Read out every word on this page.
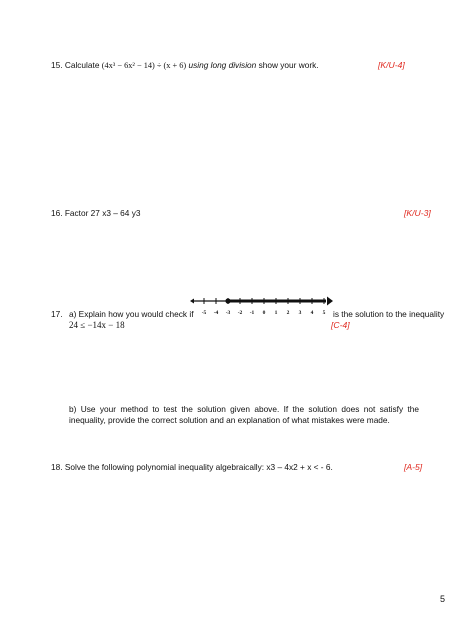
15. Calculate (4x³ − 6x² − 14) ÷ (x + 6) using long division show your work.	[K/U-4]
16. Factor 27 x3 – 64 y3	[K/U-3]
17. a) Explain how you would check if -5 -4 -3 -2 -1 0 1 2 3 4 5 is the solution to the inequality
24 ≤ −14x − 18	[C-4]
b) Use your method to test the solution given above. If the solution does not satisfy the inequality, provide the correct solution and an explanation of what mistakes were made.
18. Solve the following polynomial inequality algebraically: x3 – 4x2 + x < - 6.	[A-5]
5
